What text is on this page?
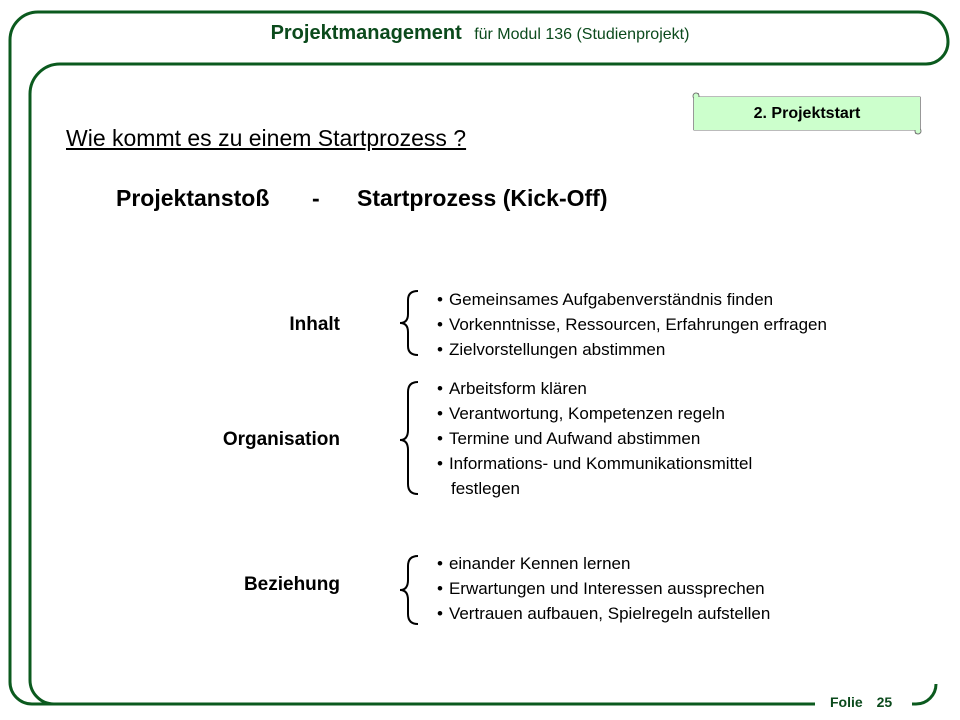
Projektmanagement für Modul 136 (Studienprojekt)
2. Projektstart
Wie kommt es zu einem Startprozess ?
Projektanstoß - Startprozess (Kick-Off)
Inhalt
• Gemeinsames Aufgabenverständnis finden
• Vorkenntnisse, Ressourcen, Erfahrungen erfragen
• Zielvorstellungen abstimmen
Organisation
• Arbeitsform klären
• Verantwortung, Kompetenzen regeln
• Termine und Aufwand abstimmen
• Informations- und Kommunikationsmittel
festlegen
Beziehung
• einander Kennen lernen
• Erwartungen und Interessen aussprechen
• Vertrauen aufbauen, Spielregeln aufstellen
Folie 25
